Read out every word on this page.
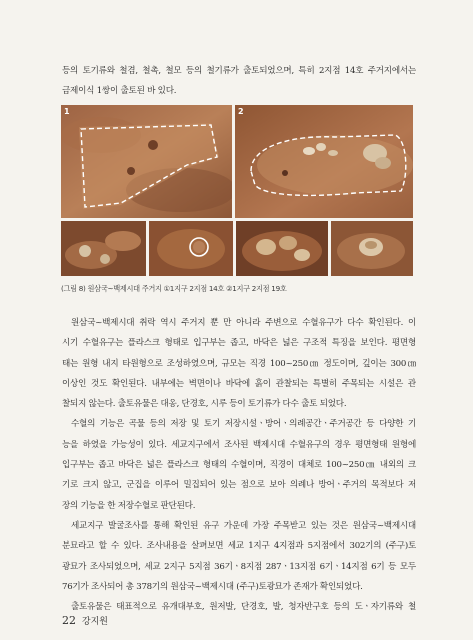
등의 토기류와 철겸, 철촉, 철모 등의 철기류가 출토되었으며, 특히 2지점 14호 주거지에서는
금제이식 1쌍이 출토된 바 있다.
1	2
(그림 8) 원삼국~백제시대 주거지 ①1지구 2지점 14호 ②1지구 2지점 19호
원삼국~백제시대 취락 역시 주거지 뿐 만 아니라 주변으로 수혈유구가 다수 확인된다. 이
시기 수혈유구는 플라스크 형태로 입구부는 좁고, 바닥은 넓은 구조적 특징을 보인다. 평면형
태는 원형 내지 타원형으로 조성하였으며, 규모는 직경 100~250㎝ 정도이며, 깊이는 300㎝
이상인 것도 확인된다. 내부에는 벽면이나 바닥에 흙이 관찰되는 특별히 주목되는 시설은 관
찰되지 않는다. 출토유물은 대옹, 단경호, 시루 등이 토기류가 다수 출토 되었다.
수혈의 기능은 곡물 등의 저장 및 토기 저장시설ㆍ방어ㆍ의례공간ㆍ주거공간 등 다양한 기
능을 하였을 가능성이 있다. 세교지구에서 조사된 백제시대 수혈유구의 경우 평면형태 원형에
입구부는 좁고 바닥은 넓은 플라스크 형태의 수혈이며, 직경이 대체로 100~250㎝ 내외의 크
기로 크지 않고, 군집을 이루어 밀집되어 있는 점으로 보아 의례나 방어ㆍ주거의 목적보다 저
장의 기능을 한 저장수혈로 판단된다.
세교지구 발굴조사를 통해 확인된 유구 가운데 가장 주목받고 있는 것은 원삼국~백제시대
분묘라고 할 수 있다. 조사내용을 살펴보면 세교 1지구 4지점과 5지점에서 302기의 (주구)토
광묘가 조사되었으며, 세교 2지구 5지점 36기ㆍ8지점 287ㆍ13지점 6기ㆍ14지점 6기 등 모두
76기가 조사되어 총 378기의 원삼국~백제시대 (주구)토광묘가 존재가 확인되었다.
출토유물은 태표적으로 유개대부호, 원저발, 단경호, 발, 청자반구호 등의 도ㆍ자기류와 철
22 강지원
